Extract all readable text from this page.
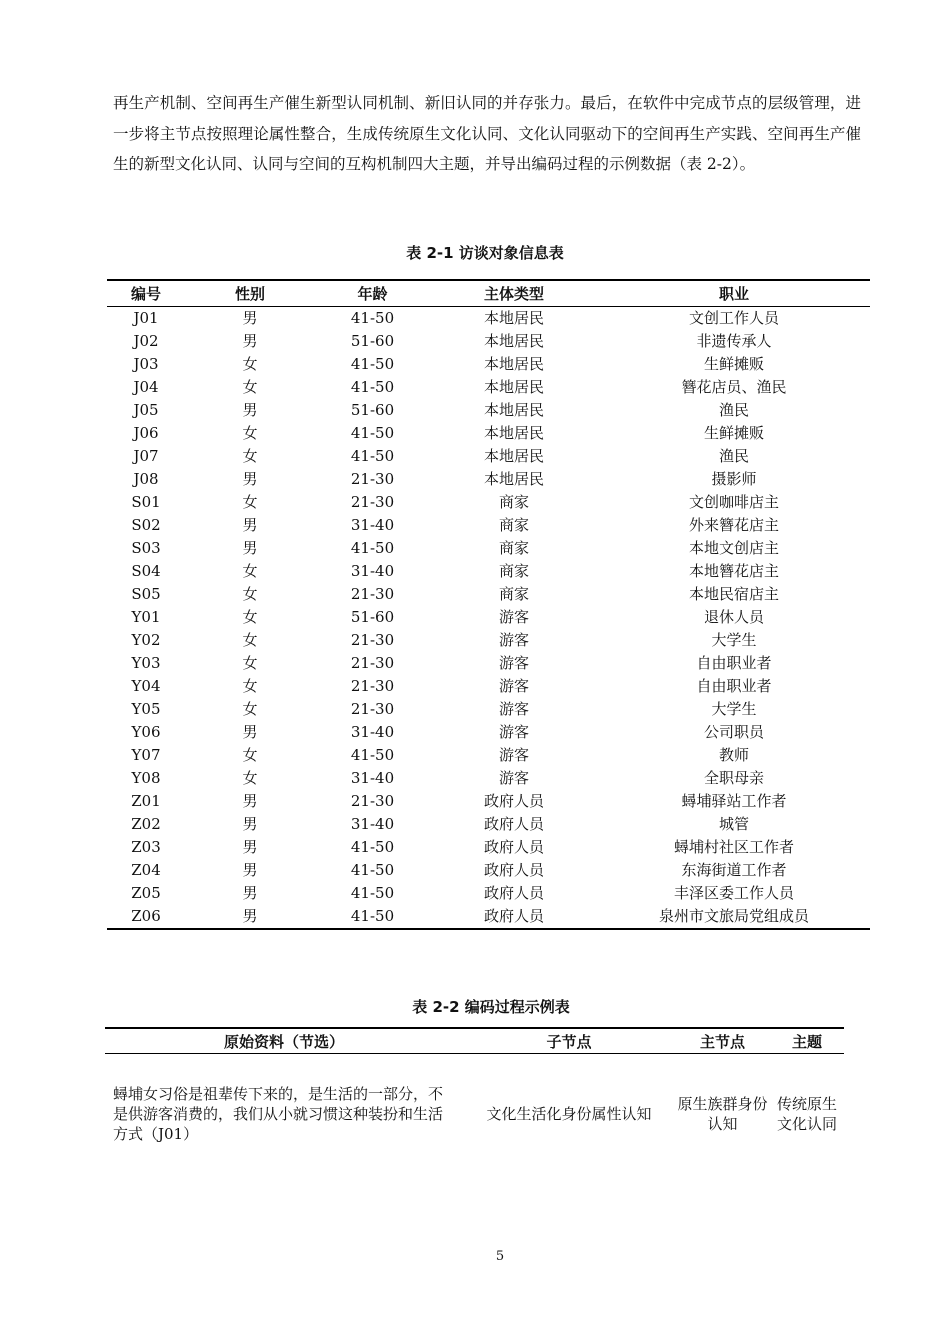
再生产机制、空间再生产催生新型认同机制、新旧认同的并存张力。最后，在软件中完成节点的层级管理，进一步将主节点按照理论属性整合，生成传统原生文化认同、文化认同驱动下的空间再生产实践、空间再生产催生的新型文化认同、认同与空间的互构机制四大主题，并导出编码过程的示例数据（表 2-2）。

表 2-1 访谈对象信息表

编号	性别	年龄	主体类型	职业
J01	男	41-50	本地居民	文创工作人员
J02	男	51-60	本地居民	非遗传承人
J03	女	41-50	本地居民	生鲜摊贩
J04	女	41-50	本地居民	簪花店员、渔民
J05	男	51-60	本地居民	渔民
J06	女	41-50	本地居民	生鲜摊贩
J07	女	41-50	本地居民	渔民
J08	男	21-30	本地居民	摄影师
S01	女	21-30	商家	文创咖啡店主
S02	男	31-40	商家	外来簪花店主
S03	男	41-50	商家	本地文创店主
S04	女	31-40	商家	本地簪花店主
S05	女	21-30	商家	本地民宿店主
Y01	女	51-60	游客	退休人员
Y02	女	21-30	游客	大学生
Y03	女	21-30	游客	自由职业者
Y04	女	21-30	游客	自由职业者
Y05	女	21-30	游客	大学生
Y06	男	31-40	游客	公司职员
Y07	女	41-50	游客	教师
Y08	女	31-40	游客	全职母亲
Z01	男	21-30	政府人员	蟳埔驿站工作者
Z02	男	31-40	政府人员	城管
Z03	男	41-50	政府人员	蟳埔村社区工作者
Z04	男	41-50	政府人员	东海街道工作者
Z05	男	41-50	政府人员	丰泽区委工作人员
Z06	男	41-50	政府人员	泉州市文旅局党组成员

表 2-2 编码过程示例表

原始资料（节选）	子节点	主节点	主题
蟳埔女习俗是祖辈传下来的，是生活的一部分，不是供游客消费的，我们从小就习惯这种装扮和生活方式（J01）	文化生活化身份属性认知	原生族群身份认知	传统原生文化认同

5
